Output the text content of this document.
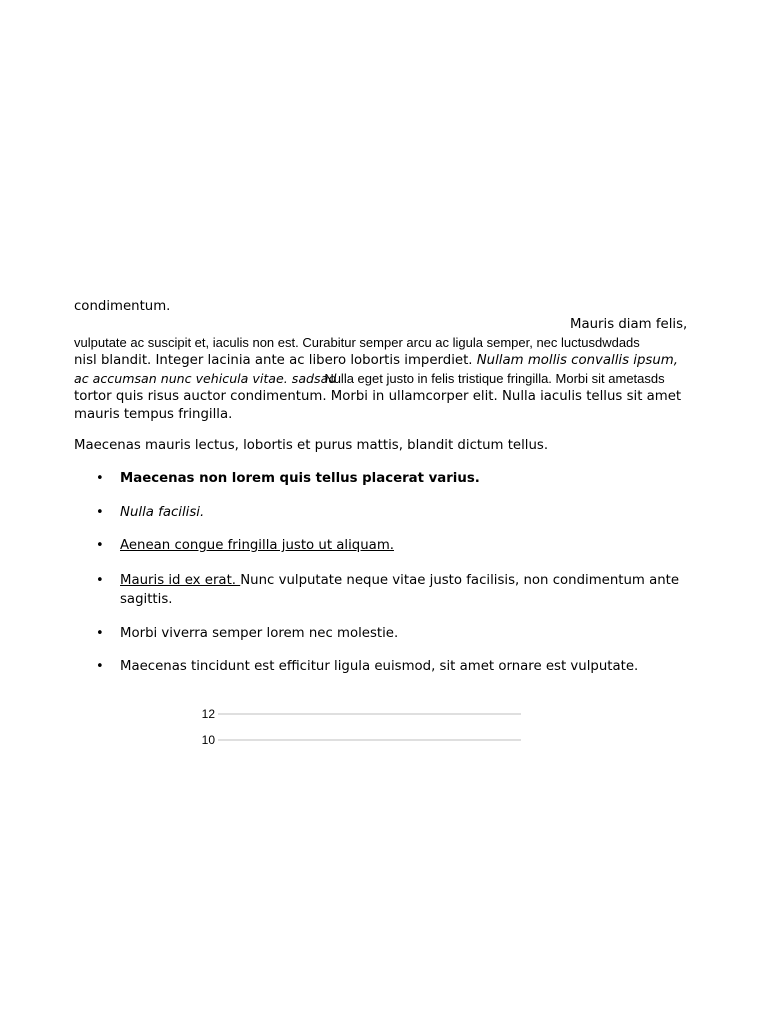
condimentum.
Mauris diam felis,
vulputate ac suscipit et, iaculis non est. Curabitur semper arcu ac ligula semper, nec luctusdwdads
nisl blandit. Integer lacinia ante ac libero lobortis imperdiet. Nullam mollis convallis ipsum,
ac accumsan nunc vehicula vitae. sadsadNulla eget justo in felis tristique fringilla. Morbi sit ametasds
tortor quis risus auctor condimentum. Morbi in ullamcorper elit. Nulla iaculis tellus sit amet
mauris tempus fringilla.
Maecenas mauris lectus, lobortis et purus mattis, blandit dictum tellus.
• Maecenas non lorem quis tellus placerat varius.
• Nulla facilisi.
• Aenean congue fringilla justo ut aliquam.
• Mauris id ex erat. Nunc vulputate neque vitae justo facilisis, non condimentum ante
sagittis.
• Morbi viverra semper lorem nec molestie.
• Maecenas tincidunt est efficitur ligula euismod, sit amet ornare est vulputate.
12
10
